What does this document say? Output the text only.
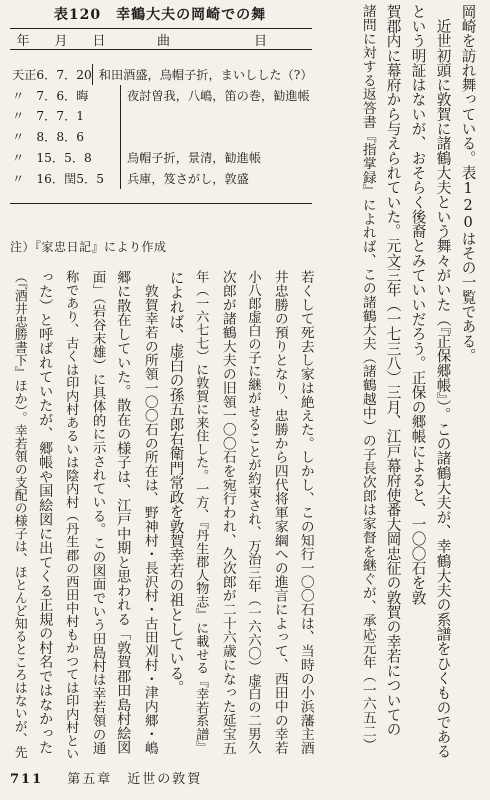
表120　幸鶴大夫の岡崎での舞
年　月　日	曲	目
天正6．7．20 和田酒盛，烏帽子折，まいしした（?）
〃　7．6．晦	夜討曽我，八嶋，笛の巻，勧進帳
〃　7．7．1
〃　8．8．6
〃　15．5．8	烏帽子折，景清，勧進帳
〃　16．閏5．5	兵庫，笈さがし，敦盛
注）『家忠日記』により作成	岡崎を訪れ舞っている。表120はその一覧である。
　近世初頭に敦賀に諸鶴大夫という舞々がいた（『正保郷帳』）。この諸鶴大夫が、幸鶴大夫の系譜をひくものである
という明証はないが、おそらく後裔とみていいだろう。正保の郷帳によると、一〇〇石を敦
賀郡内に幕府から与えられていた。元文三年（一七三八）三月、江戸幕府使番大岡忠征の敦賀の幸若についての
諸問に対する返答書『指掌録』によれば、この諸鶴大夫（諸鶴越中）の子長次郎は家督を継ぐが、承応元年（一六五二）
若くして死去し家は絶えた。しかし、この知行一〇〇石は、当時の小浜藩主酒
井忠勝の預りとなり、忠勝から四代将軍家綱への進言によって、西田中の幸若
小八郎虚白の子に継がせることが約束され、万治三年（一六六〇）虚白の二男久
次郎が諸鶴大夫の旧領一〇〇石を宛行われ、久次郎が二十六歳になった延宝五
年（一六七七）に敦賀に来住した。一方、『丹生郡人物志』に載せる『幸若系譜』
によれば、虚白の孫五郎右衛門常政を敦賀幸若の祖としている。
　敦賀幸若の所領一〇〇石の所在は、野神村・長沢村・古田刈村・津内郷・嶋
郷に散在していた。散在の様子は、江戸中期と思われる「敦賀郡田島村絵図
面」（岩谷末雄）に具体的に示されている。この図面でいう田島村は幸若領の通
称であり、古くは印内村あるいは陰内村（丹生郡の西田中村もかつては印内村とい
った）と呼ばれていたが、郷帳や国絵図に出てくる正規の村名ではなかった
（『酒井忠勝書下』ほか）。幸若領の支配の様子は、ほとんど知るところはないが、先
711 第五章　近世の敦賀
